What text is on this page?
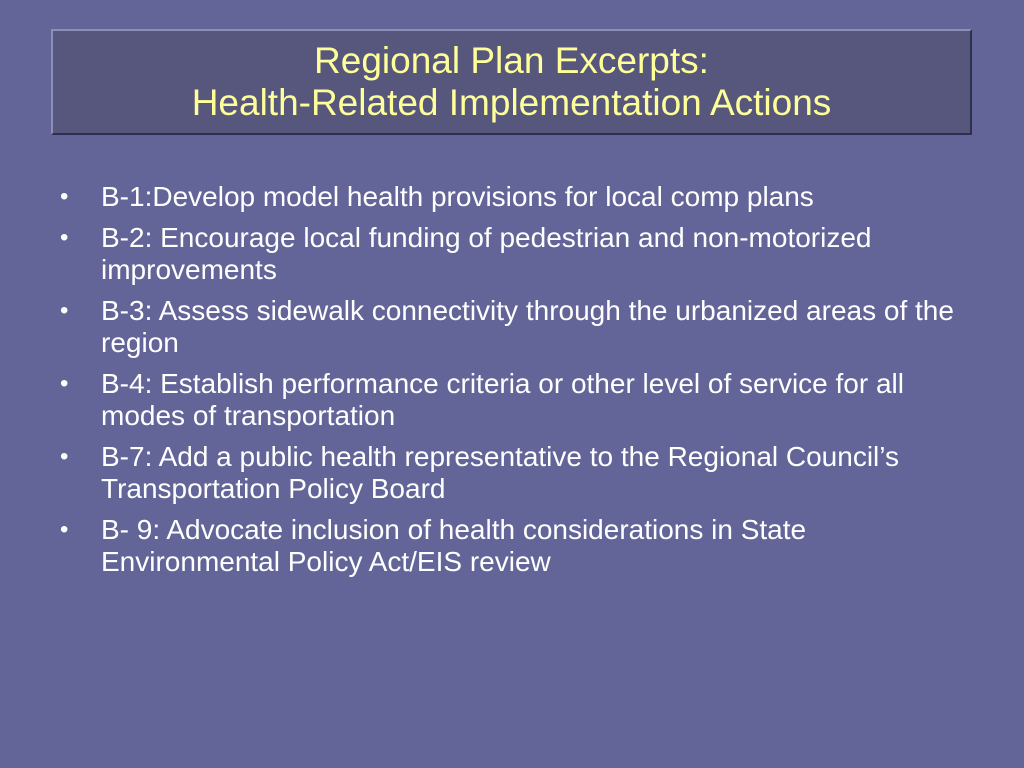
Regional Plan Excerpts:
Health-Related Implementation Actions
•	B-1:Develop model health provisions for local comp plans
•	B-2: Encourage local funding of pedestrian and non-motorized improvements
•	B-3: Assess sidewalk connectivity through the urbanized areas of the region
•	B-4: Establish performance criteria or other level of service for all modes of transportation
•	B-7: Add a public health representative to the Regional Council’s Transportation Policy Board
•	B- 9: Advocate inclusion of health considerations in State Environmental Policy Act/EIS review
